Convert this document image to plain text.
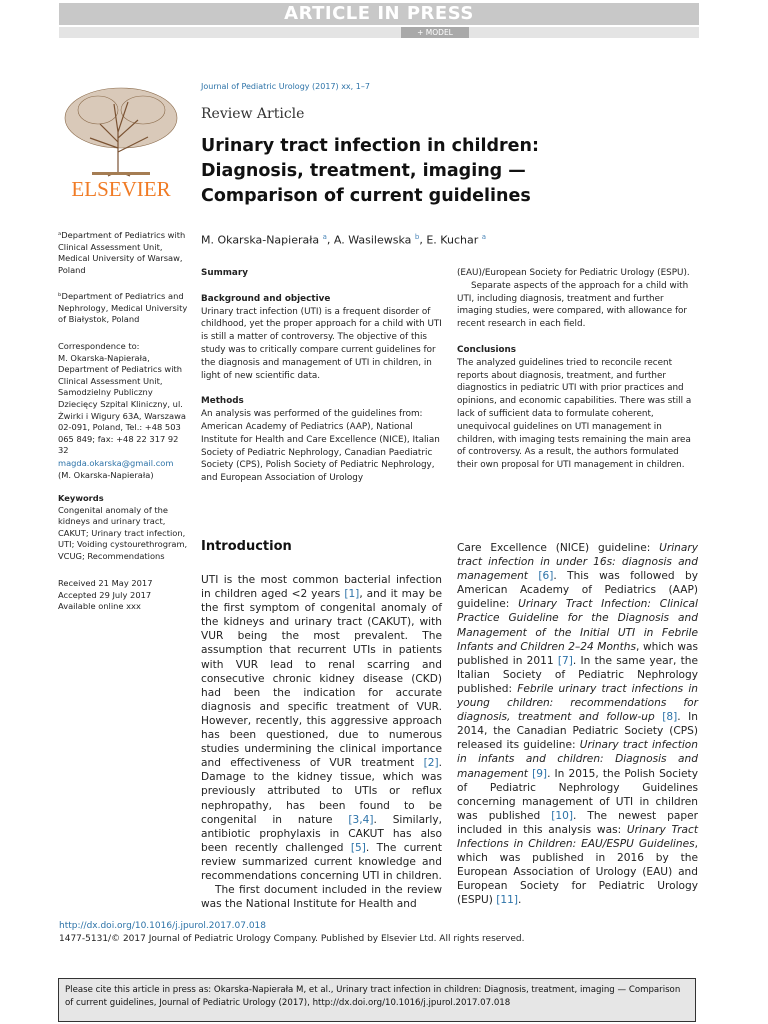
ARTICLE IN PRESS
+ MODEL
ELSEVIER
Journal of Pediatric Urology (2017) xx, 1–7
Review Article
Urinary tract infection in children:
Diagnosis, treatment, imaging —
Comparison of current guidelines
M. Okarska-Napierała $^a$, A. Wasilewska $^b$, E. Kuchar $^a$
ᵃDepartment of Pediatrics with Clinical Assessment Unit, Medical University of Warsaw, Poland
ᵇDepartment of Pediatrics and Nephrology, Medical University of Białystok, Poland
Correspondence to:
M. Okarska-Napierała, Department of Pediatrics with Clinical Assessment Unit, Samodzielny Publiczny Dziecięcy Szpital Kliniczny, ul. Żwirki i Wigury 63A, Warszawa 02-091, Poland, Tel.: +48 503 065 849; fax: +48 22 317 92 32
magda.okarska@gmail.com
(M. Okarska-Napierała)
Keywords
Congenital anomaly of the kidneys and urinary tract, CAKUT; Urinary tract infection, UTI; Voiding cystourethrogram, VCUG; Recommendations
Received 21 May 2017
Accepted 29 July 2017
Available online xxx

Summary

Background and objective

Urinary tract infection (UTI) is a frequent disorder of childhood, yet the proper approach for a child with UTI is still a matter of controversy. The objective of this study was to critically compare current guidelines for the diagnosis and management of UTI in children, in light of new scientific data.

Methods

An analysis was performed of the guidelines from: American Academy of Pediatrics (AAP), National Institute for Health and Care Excellence (NICE), Italian Society of Pediatric Nephrology, Canadian Paediatric Society (CPS), Polish Society of Pediatric Nephrology, and European Association of Urology

(EAU)/European Society for Pediatric Urology (ESPU).

Separate aspects of the approach for a child with UTI, including diagnosis, treatment and further imaging studies, were compared, with allowance for recent research in each field.

Conclusions

The analyzed guidelines tried to reconcile recent reports about diagnosis, treatment, and further diagnostics in pediatric UTI with prior practices and opinions, and economic capabilities. There was still a lack of sufficient data to formulate coherent, unequivocal guidelines on UTI management in children, with imaging tests remaining the main area of controversy. As a result, the authors formulated their own proposal for UTI management in children.

Introduction

UTI is the most common bacterial infection in children aged <2 years [1], and it may be the first symptom of congenital anomaly of the kidneys and urinary tract (CAKUT), with VUR being the most prevalent. The assumption that recurrent UTIs in patients with VUR lead to renal scarring and consecutive chronic kidney disease (CKD) had been the indication for accurate diagnosis and specific treatment of VUR. However, recently, this aggressive approach has been questioned, due to numerous studies undermining the clinical importance and effectiveness of VUR treatment [2]. Damage to the kidney tissue, which was previously attributed to UTIs or reflux nephropathy, has been found to be congenital in nature [3,4]. Similarly, antibiotic prophylaxis in CAKUT has also been recently challenged [5]. The current review summarized current knowledge and recommendations concerning UTI in children.

The first document included in the review was the National Institute for Health and

Care Excellence (NICE) guideline: Urinary tract infection in under 16s: diagnosis and management [6]. This was followed by American Academy of Pediatrics (AAP) guideline: Urinary Tract Infection: Clinical Practice Guideline for the Diagnosis and Management of the Initial UTI in Febrile Infants and Children 2–24 Months, which was published in 2011 [7]. In the same year, the Italian Society of Pediatric Nephrology published: Febrile urinary tract infections in young children: recommendations for diagnosis, treatment and follow-up [8]. In 2014, the Canadian Pediatric Society (CPS) released its guideline: Urinary tract infection in infants and children: Diagnosis and management [9]. In 2015, the Polish Society of Pediatric Nephrology Guidelines concerning management of UTI in children was published [10]. The newest paper included in this analysis was: Urinary Tract Infections in Children: EAU/ESPU Guidelines, which was published in 2016 by the European Association of Urology (EAU) and European Society for Pediatric Urology (ESPU) [11].

http://dx.doi.org/10.1016/j.jpurol.2017.07.018
1477-5131/© 2017 Journal of Pediatric Urology Company. Published by Elsevier Ltd. All rights reserved.
Please cite this article in press as: Okarska-Napierała M, et al., Urinary tract infection in children: Diagnosis, treatment, imaging — Comparison of current guidelines, Journal of Pediatric Urology (2017), http://dx.doi.org/10.1016/j.jpurol.2017.07.018
